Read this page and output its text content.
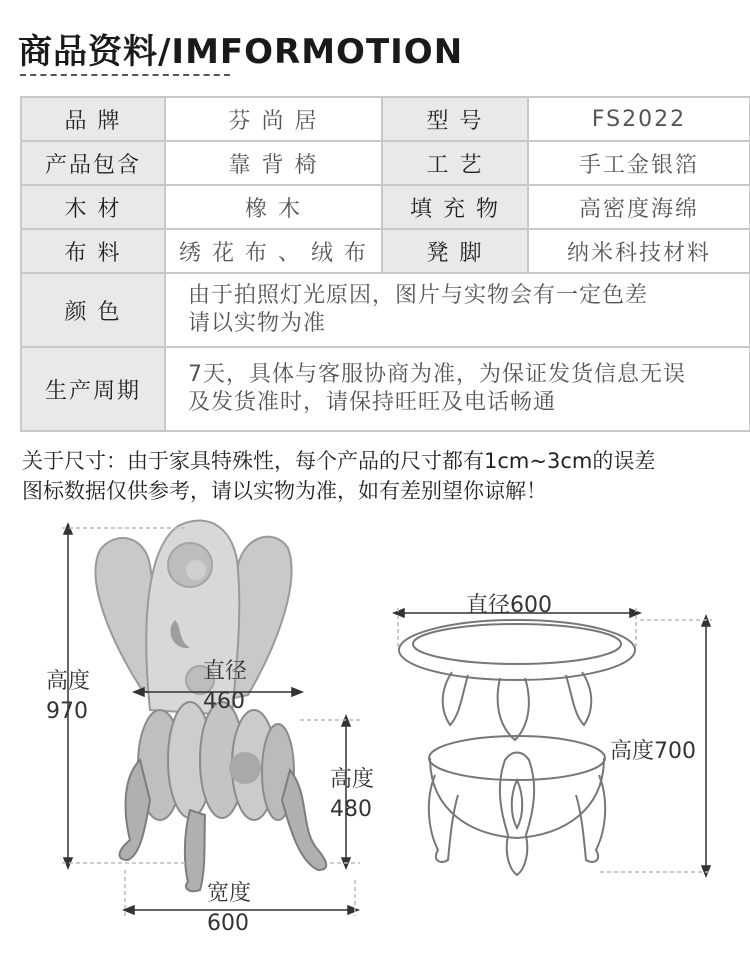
商品资料/IMFORMOTION
品 牌	芬 尚 居	型 号	FS2022
产品包含	靠 背 椅	工 艺	手工金银箔
木 材	橡 木	填 充 物	高密度海绵
布 料	绣 花 布 、 绒 布	凳 脚	纳米科技材料
颜 色	由于拍照灯光原因，图片与实物会有一定色差
请以实物为准		

生产周期	7天，具体与客服协商为准，为保证发货信息无误
及发货准时，请保持旺旺及电话畅通		
关于尺寸：由于家具特殊性，每个产品的尺寸都有1cm~3cm的误差
图标数据仅供参考，请以实物为准，如有差别望你谅解！
高度
970
直径
460
高度
480
宽度
600
直径600
高度700
